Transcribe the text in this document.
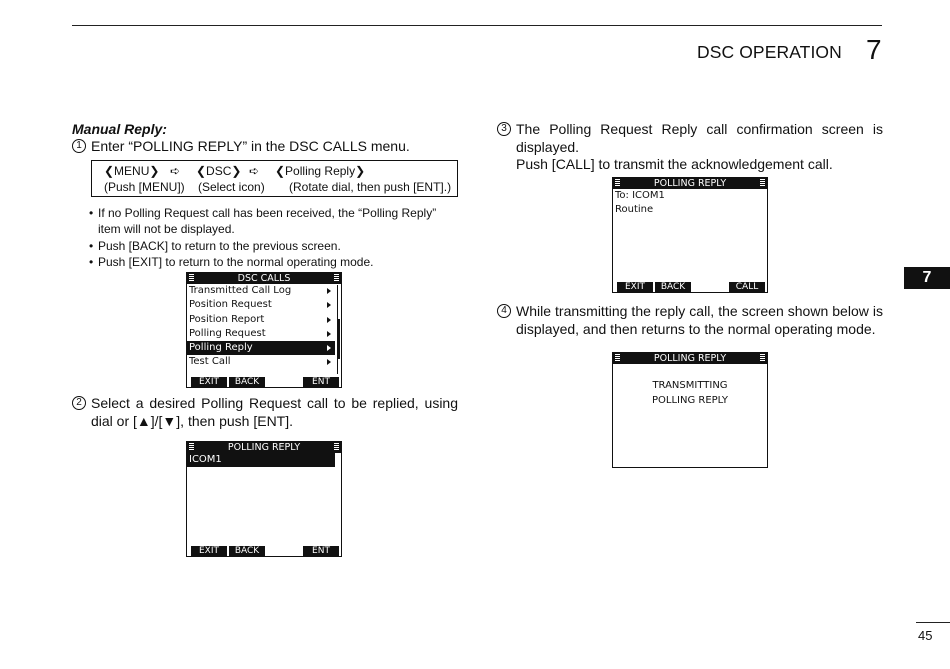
DSC OPERATION 7
Manual Reply:
1 Enter “POLLING REPLY” in the DSC CALLS menu.
❮MENU❯ ➪ ❮DSC❯ ➪ ❮Polling Reply❯
(Push [MENU]) (Select icon) (Rotate dial, then push [ENT].)
• If no Polling Request call has been received, the “Polling Reply” item will not be displayed.
• Push [BACK] to return to the previous screen.
• Push [EXIT] to return to the normal operating mode.
DSC CALLS
Transmitted Call Log
Position Request
Position Report
Polling Request
Polling Reply
Test Call
EXIT	BACK	ENT
2 Select a desired Polling Request call to be replied, using dial or [▲]/[▼], then push [ENT].
POLLING REPLY
ICOM1
EXIT	BACK	ENT
3 The Polling Request Reply call confirmation screen is displayed.
Push [CALL] to transmit the acknowledgement call.
POLLING REPLY
To: ICOM1
Routine
EXIT	BACK	CALL
4 While transmitting the reply call, the screen shown below is displayed, and then returns to the normal operating mode.
POLLING REPLY
TRANSMITTING
POLLING REPLY
7
45
